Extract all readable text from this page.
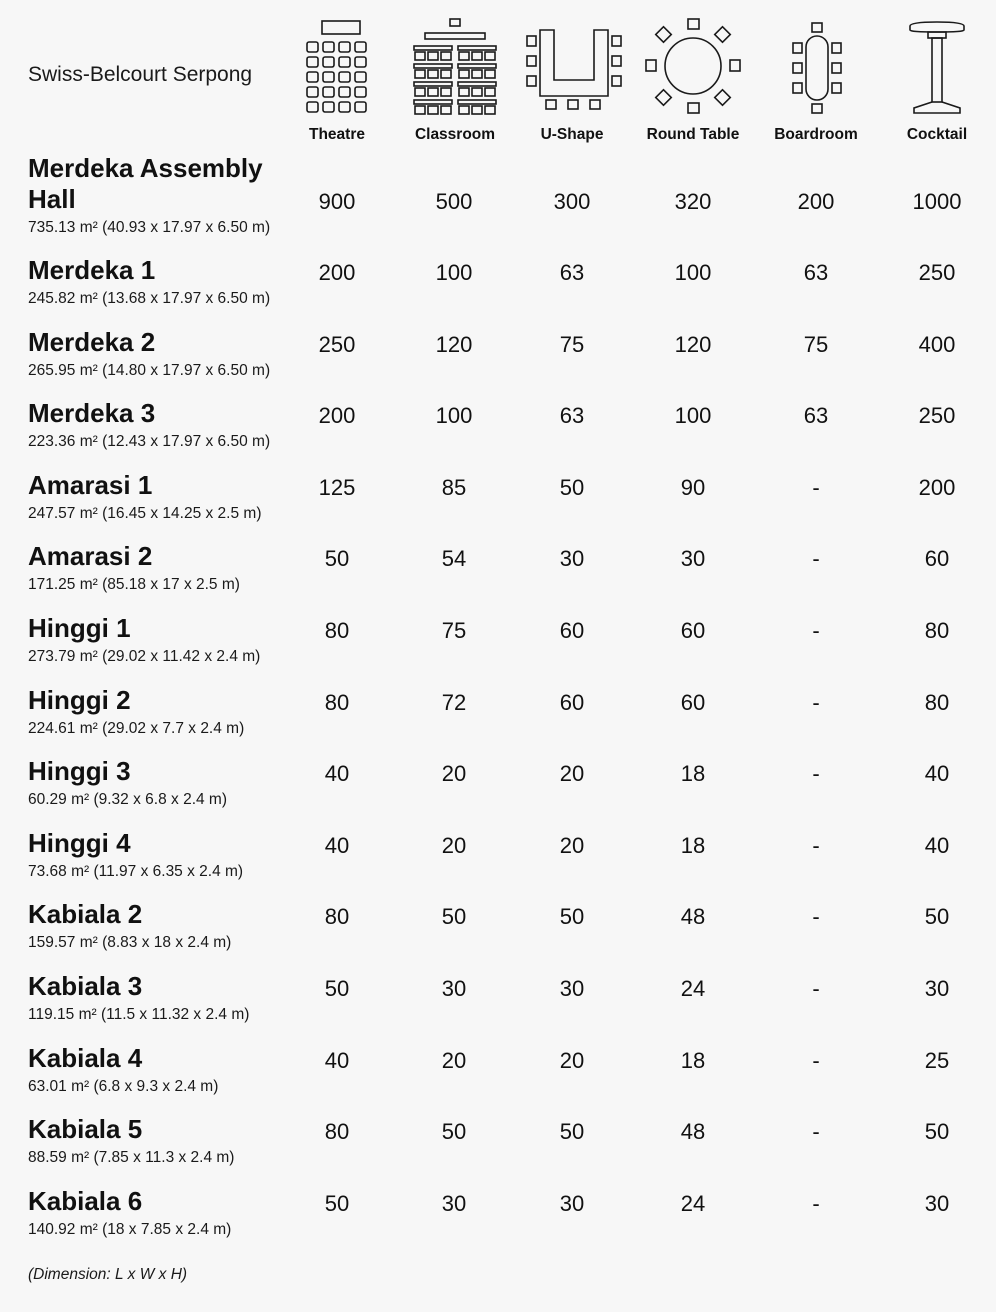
Swiss-Belcourt Serpong
Theatre	Classroom	U-Shape	Round Table	Boardroom	Cocktail
Merdeka Assembly Hall
735.13 m² (40.93 x 17.97 x 6.50 m)
900	500	300	320	200	1000
Merdeka 1
245.82 m² (13.68 x 17.97 x 6.50 m)
200	100	63	100	63	250
Merdeka 2
265.95 m² (14.80 x 17.97 x 6.50 m)
250	120	75	120	75	400
Merdeka 3
223.36 m² (12.43 x 17.97 x 6.50 m)
200	100	63	100	63	250
Amarasi 1
247.57 m² (16.45 x 14.25 x 2.5 m)
125	85	50	90	-	200
Amarasi 2
171.25 m² (85.18 x 17 x 2.5 m)
50	54	30	30	-	60
Hinggi 1
273.79 m² (29.02 x 11.42 x 2.4 m)
80	75	60	60	-	80
Hinggi 2
224.61 m² (29.02 x 7.7 x 2.4 m)
80	72	60	60	-	80
Hinggi 3
60.29 m² (9.32 x 6.8 x 2.4 m)
40	20	20	18	-	40
Hinggi 4
73.68 m² (11.97 x 6.35 x 2.4 m)
40	20	20	18	-	40
Kabiala 2
159.57 m² (8.83 x 18 x 2.4 m)
80	50	50	48	-	50
Kabiala 3
119.15 m² (11.5 x 11.32 x 2.4 m)
50	30	30	24	-	30
Kabiala 4
63.01 m² (6.8 x 9.3 x 2.4 m)
40	20	20	18	-	25
Kabiala 5
88.59 m² (7.85 x 11.3 x 2.4 m)
80	50	50	48	-	50
Kabiala 6
140.92 m² (18 x 7.85 x 2.4 m)
50	30	30	24	-	30
(Dimension: L x W x H)
